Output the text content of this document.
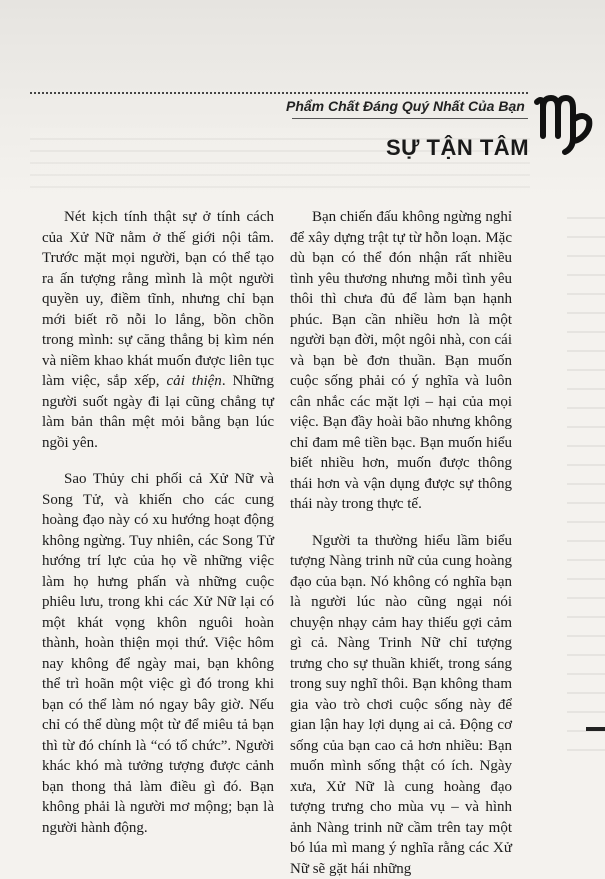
Phẩm Chất Đáng Quý Nhất Của Bạn
SỰ TẬN TÂM

Nét kịch tính thật sự ở tính cách của Xử Nữ nằm ở thế giới nội tâm. Trước mặt mọi người, bạn có thể tạo ra ấn tượng rằng mình là một người quyền uy, điềm tĩnh, nhưng chỉ bạn mới biết rõ nỗi lo lắng, bồn chồn trong mình: sự căng thẳng bị kìm nén và niềm khao khát muốn được liên tục làm việc, sắp xếp, cải thiện. Những người suốt ngày đi lại cũng chẳng tự làm bản thân mệt mỏi bằng bạn lúc ngồi yên.

Sao Thủy chi phối cả Xử Nữ và Song Tử, và khiến cho các cung hoàng đạo này có xu hướng hoạt động không ngừng. Tuy nhiên, các Song Tử hướng trí lực của họ về những việc làm họ hưng phấn và những cuộc phiêu lưu, trong khi các Xử Nữ lại có một khát vọng khôn nguôi hoàn thành, hoàn thiện mọi thứ. Việc hôm nay không để ngày mai, bạn không thể trì hoãn một việc gì đó trong khi bạn có thể làm nó ngay bây giờ. Nếu chỉ có thể dùng một từ để miêu tả bạn thì từ đó chính là “có tổ chức”. Người khác khó mà tưởng tượng được cảnh bạn thong thả làm điều gì đó. Bạn không phải là người mơ mộng; bạn là người hành động.

Bạn chiến đấu không ngừng nghỉ để xây dựng trật tự từ hỗn loạn. Mặc dù bạn có thể đón nhận rất nhiều tình yêu thương nhưng mỗi tình yêu thôi thì chưa đủ để làm bạn hạnh phúc. Bạn cần nhiều hơn là một người bạn đời, một ngôi nhà, con cái và bạn bè đơn thuần. Bạn muốn cuộc sống phải có ý nghĩa và luôn cân nhắc các mặt lợi – hại của mọi việc. Bạn đầy hoài bão nhưng không chỉ đam mê tiền bạc. Bạn muốn hiểu biết nhiều hơn, muốn được thông thái hơn và vận dụng được sự thông thái này trong thực tế.

Người ta thường hiểu lầm biểu tượng Nàng trinh nữ của cung hoàng đạo của bạn. Nó không có nghĩa bạn là người lúc nào cũng ngại nói chuyện nhạy cảm hay thiếu gợi cảm gì cả. Nàng Trinh Nữ chỉ tượng trưng cho sự thuần khiết, trong sáng trong suy nghĩ thôi. Bạn không tham gia vào trò chơi cuộc sống này để gian lận hay lợi dụng ai cả. Động cơ sống của bạn cao cả hơn nhiều: Bạn muốn mình sống thật có ích. Ngày xưa, Xử Nữ là cung hoàng đạo tượng trưng cho mùa vụ – và hình ảnh Nàng trinh nữ cầm trên tay một bó lúa mì mang ý nghĩa rằng các Xử Nữ sẽ gặt hái những
